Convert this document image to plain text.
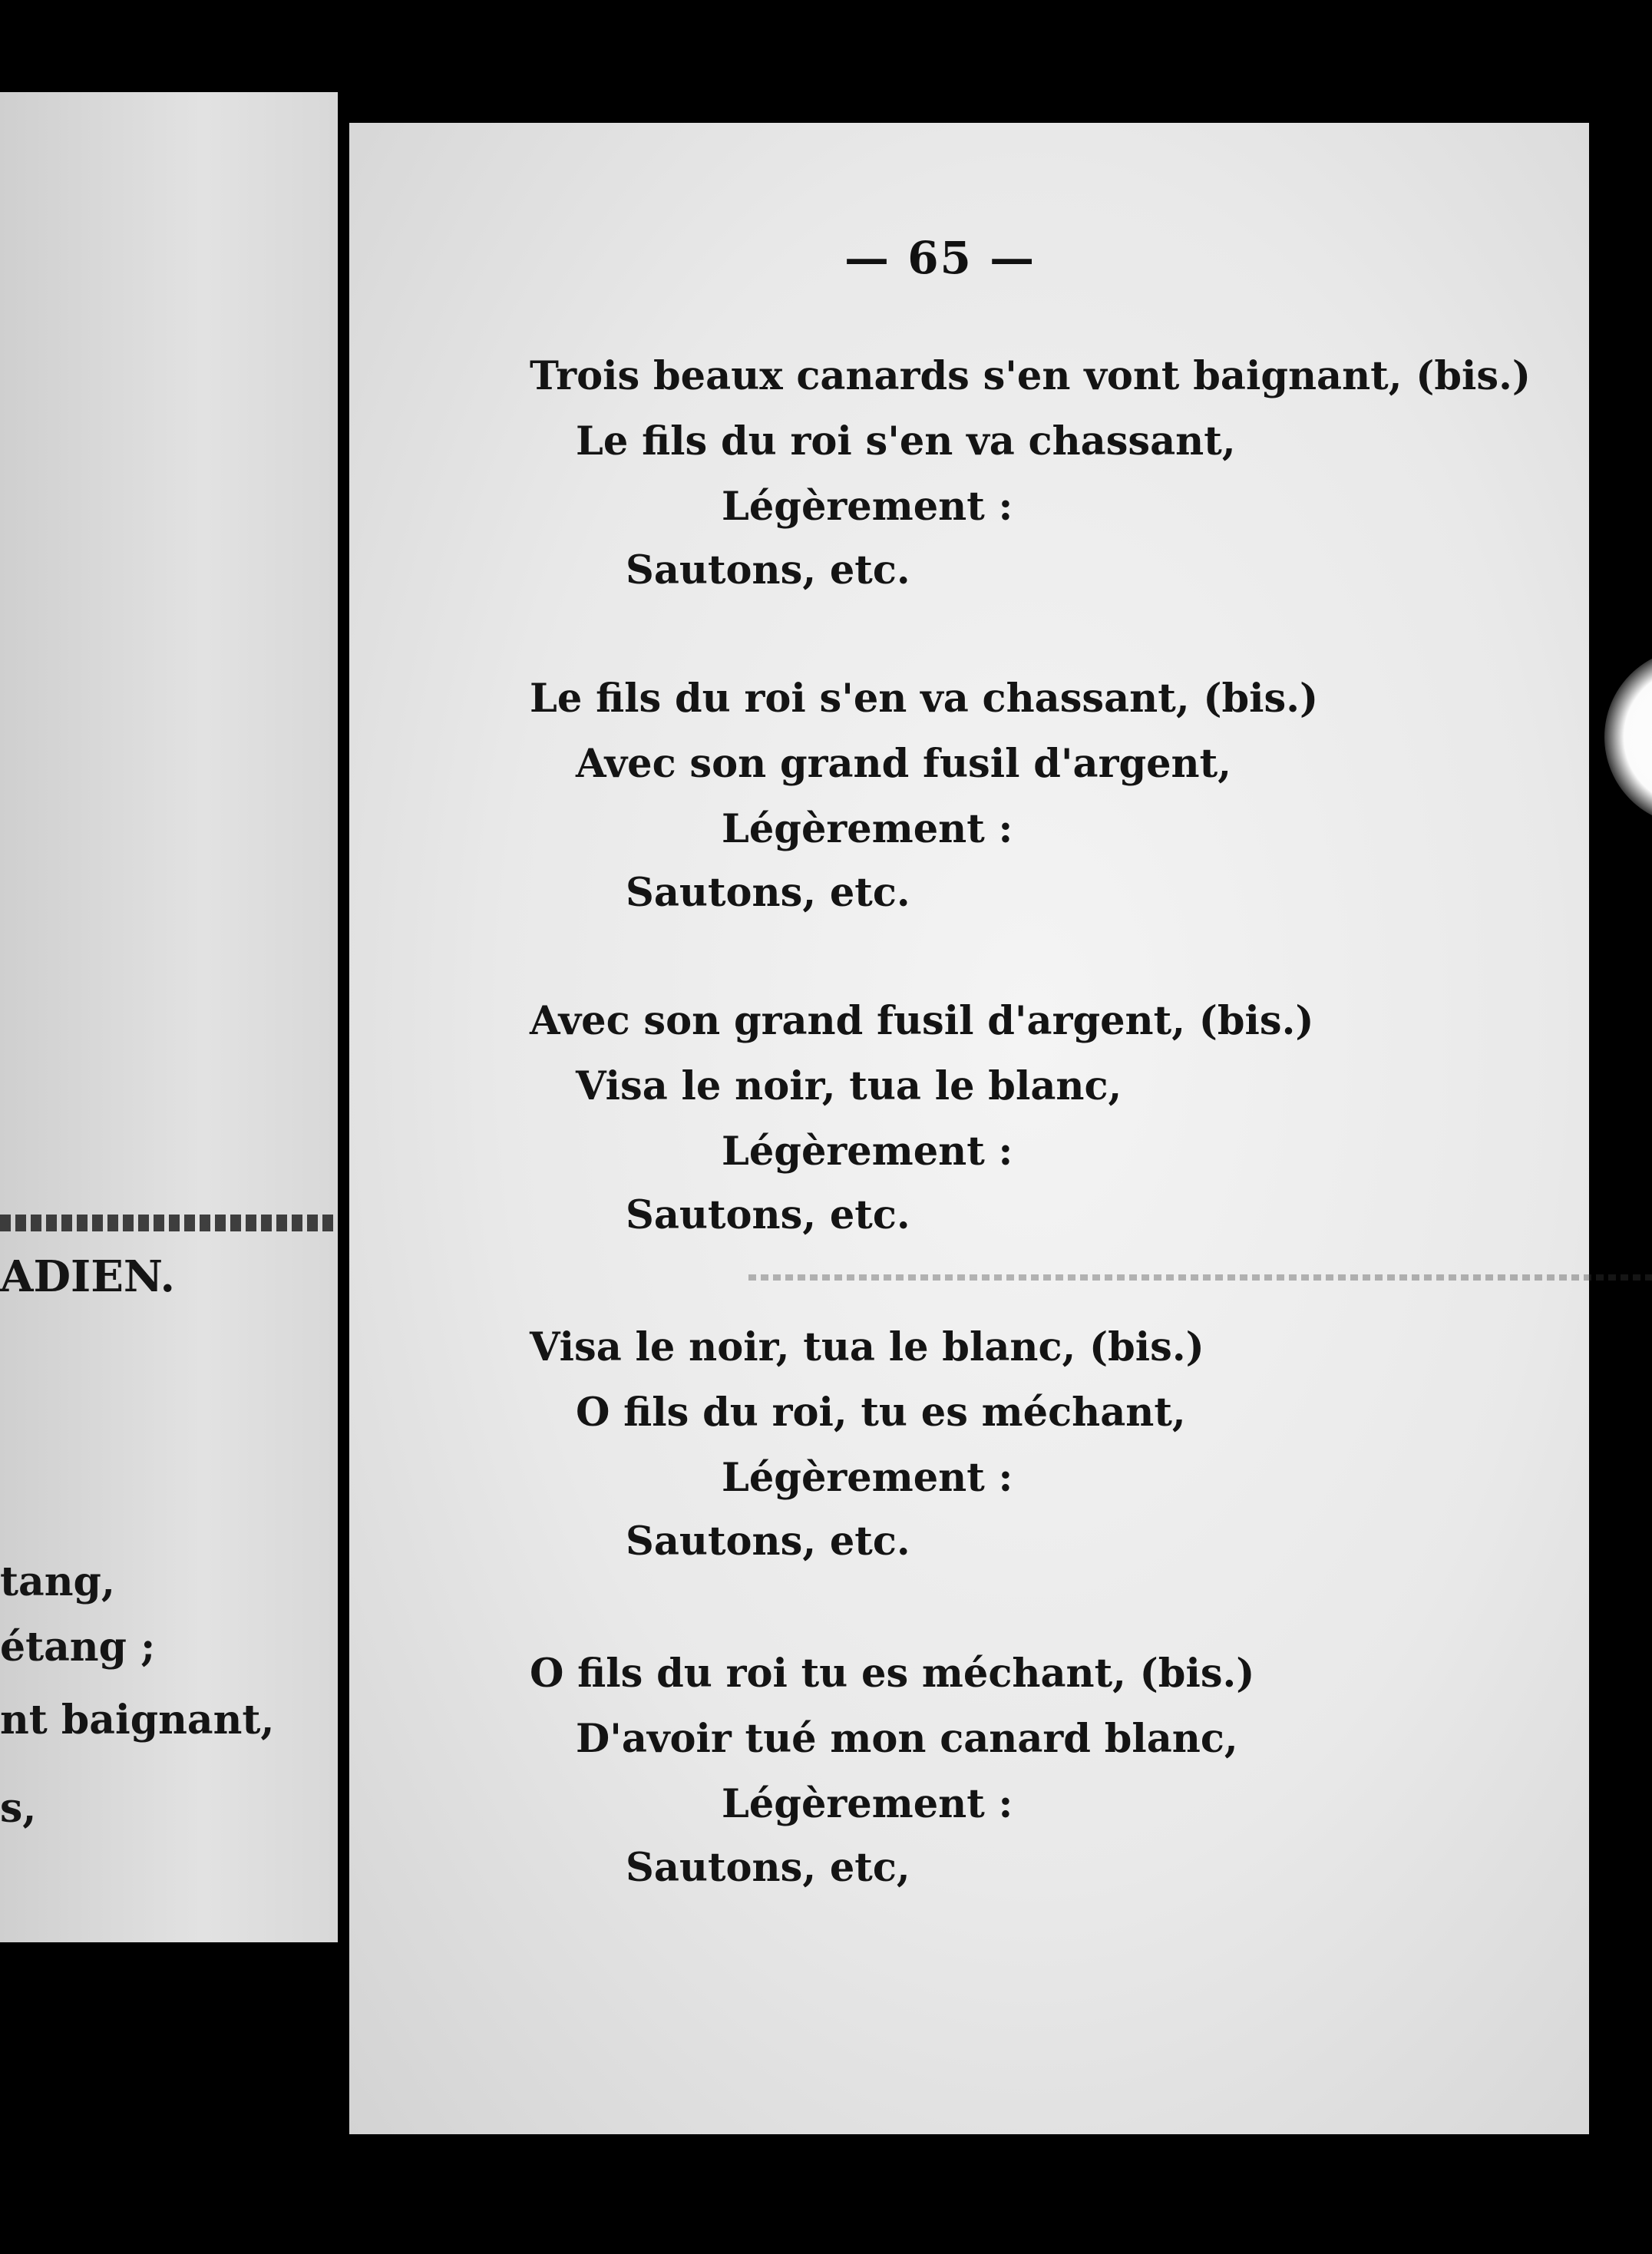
ADIEN.
tang,
étang ;
nt baignant,
s,
— 65 —
Trois beaux canards s'en vont baignant, (bis.)
Le fils du roi s'en va chassant,
Légèrement :
Sautons, etc.
Le fils du roi s'en va chassant, (bis.)
Avec son grand fusil d'argent,
Légèrement :
Sautons, etc.
Avec son grand fusil d'argent, (bis.)
Visa le noir, tua le blanc,
Légèrement :
Sautons, etc.
Visa le noir, tua le blanc, (bis.)
O fils du roi, tu es méchant,
Légèrement :
Sautons, etc.
O fils du roi tu es méchant, (bis.)
D'avoir tué mon canard blanc,
Légèrement :
Sautons, etc,
